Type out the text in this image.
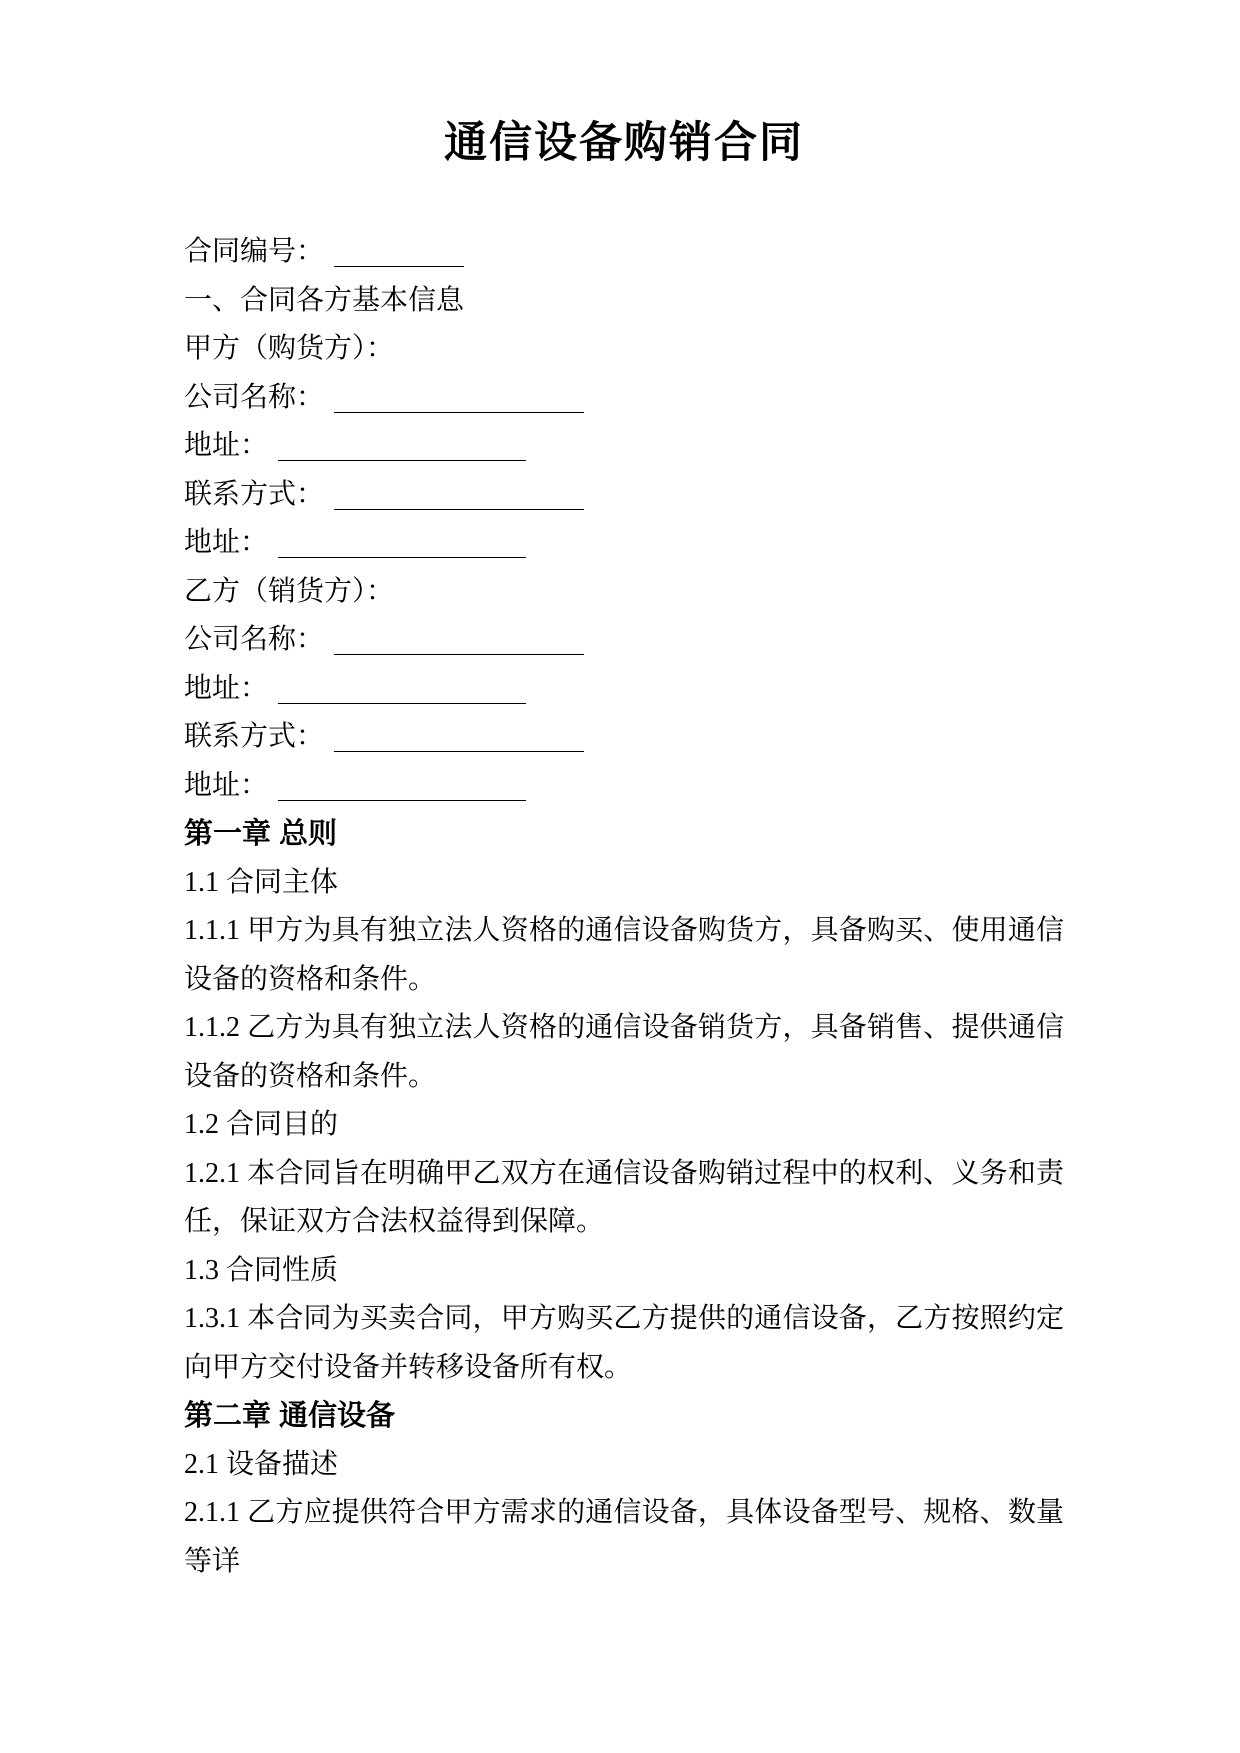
通信设备购销合同
合同编号：
一、合同各方基本信息
甲方（购货方）：
公司名称：
地址：
联系方式：
地址：
乙方（销货方）：
公司名称：
地址：
联系方式：
地址：
第一章 总则

1.1 合同主体

1.1.1 甲方为具有独立法人资格的通信设备购货方，具备购买、使用通信设备的资格和条件。

1.1.2 乙方为具有独立法人资格的通信设备销货方，具备销售、提供通信设备的资格和条件。

1.2 合同目的

1.2.1 本合同旨在明确甲乙双方在通信设备购销过程中的权利、义务和责任，保证双方合法权益得到保障。

1.3 合同性质

1.3.1 本合同为买卖合同，甲方购买乙方提供的通信设备，乙方按照约定向甲方交付设备并转移设备所有权。

第二章 通信设备

2.1 设备描述

2.1.1 乙方应提供符合甲方需求的通信设备，具体设备型号、规格、数量等详
